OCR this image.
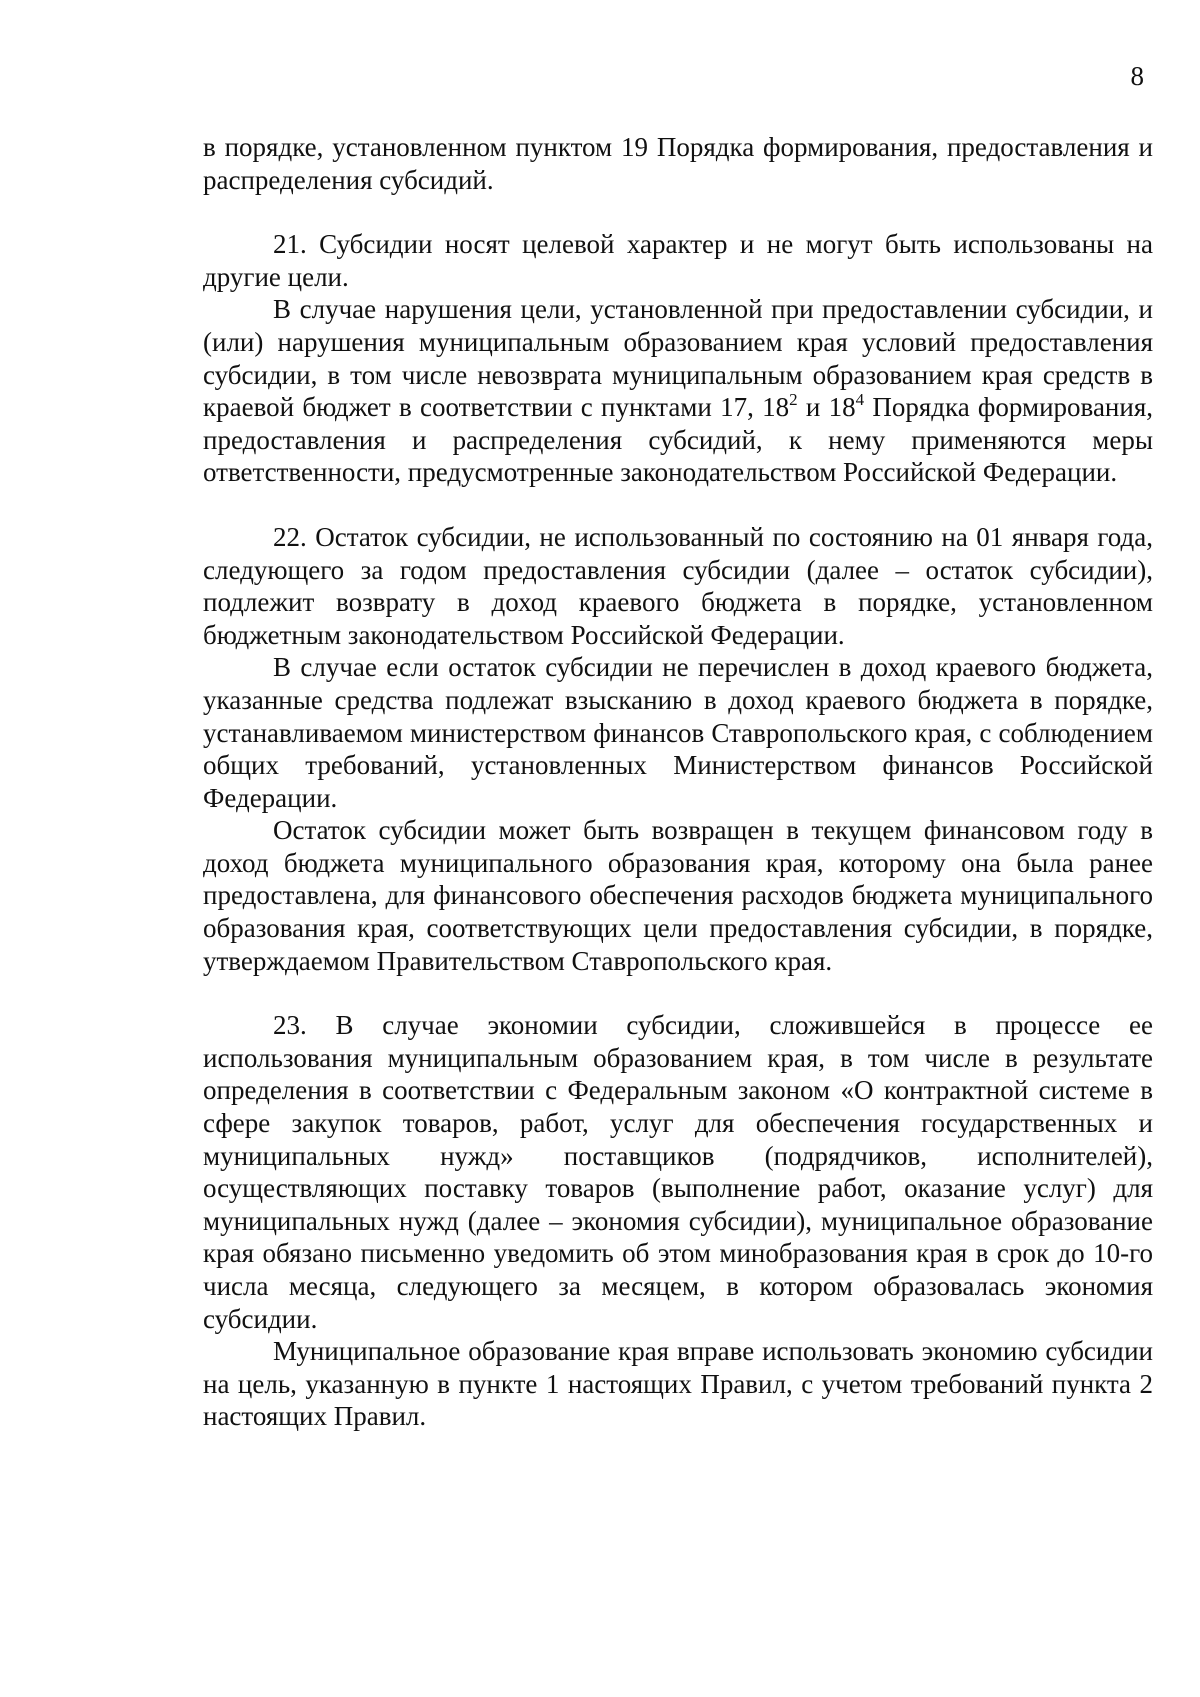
8

в порядке, установленном пунктом 19 Порядка формирования, предоставления и распределения субсидий.

21. Субсидии носят целевой характер и не могут быть использованы на другие цели.

В случае нарушения цели, установленной при предоставлении субсидии, и (или) нарушения муниципальным образованием края условий предоставления субсидии, в том числе невозврата муниципальным образованием края средств в краевой бюджет в соответствии с пунктами 17, $18^2$ и $18^4$ Порядка формирования, предоставления и распределения субсидий, к нему применяются меры ответственности, предусмотренные законодательством Российской Федерации.

22. Остаток субсидии, не использованный по состоянию на 01 января года, следующего за годом предоставления субсидии (далее – остаток субсидии), подлежит возврату в доход краевого бюджета в порядке, установленном бюджетным законодательством Российской Федерации.

В случае если остаток субсидии не перечислен в доход краевого бюджета, указанные средства подлежат взысканию в доход краевого бюджета в порядке, устанавливаемом министерством финансов Ставропольского края, с соблюдением общих требований, установленных Министерством финансов Российской Федерации.

Остаток субсидии может быть возвращен в текущем финансовом году в доход бюджета муниципального образования края, которому она была ранее предоставлена, для финансового обеспечения расходов бюджета муниципального образования края, соответствующих цели предоставления субсидии, в порядке, утверждаемом Правительством Ставропольского края.

23. В случае экономии субсидии, сложившейся в процессе ее использования муниципальным образованием края, в том числе в результате определения в соответствии с Федеральным законом «О контрактной системе в сфере закупок товаров, работ, услуг для обеспечения государственных и муниципальных нужд» поставщиков (подрядчиков, исполнителей), осуществляющих поставку товаров (выполнение работ, оказание услуг) для муниципальных нужд (далее – экономия субсидии), муниципальное образование края обязано письменно уведомить об этом минобразования края в срок до 10-го числа месяца, следующего за месяцем, в котором образовалась экономия субсидии.

Муниципальное образование края вправе использовать экономию субсидии на цель, указанную в пункте 1 настоящих Правил, с учетом требований пункта 2 настоящих Правил.
